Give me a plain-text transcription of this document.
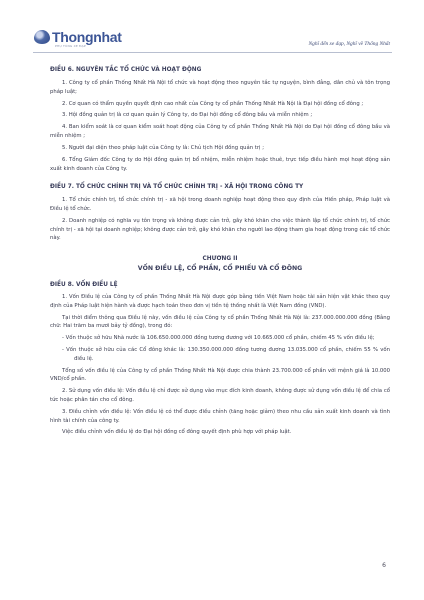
Thongnhat
PHỤ TÙNG XE ĐẠP	Nghĩ đến xe đạp, Nghĩ về Thống Nhất
ĐIỀU 6. NGUYÊN TẮC TỔ CHỨC VÀ HOẠT ĐỘNG

1. Công ty cổ phần Thống Nhất Hà Nội tổ chức và hoạt động theo nguyên tắc tự nguyện, bình đẳng, dân chủ và tôn trọng pháp luật;

2. Cơ quan có thẩm quyền quyết định cao nhất của Công ty cổ phần Thống Nhất Hà Nội là Đại hội đồng cổ đông ;

3. Hội đồng quản trị là cơ quan quản lý Công ty, do Đại hội đồng cổ đông bầu và miễn nhiệm ;

4. Ban kiểm soát là cơ quan kiểm soát hoạt động của Công ty cổ phần Thống Nhất Hà Nội do Đại hội đồng cổ đông bầu và miễn nhiệm ;

5. Người đại diện theo pháp luật của Công ty là: Chủ tịch Hội đồng quản trị ;

6. Tổng Giám đốc Công ty do Hội đồng quản trị bổ nhiệm, miễn nhiệm hoặc thuê, trực tiếp điều hành mọi hoạt động sản xuất kinh doanh của Công ty.

ĐIỀU 7. TỔ CHỨC CHÍNH TRỊ VÀ TỔ CHỨC CHÍNH TRỊ - XÃ HỘI TRONG CÔNG TY

1. Tổ chức chính trị, tổ chức chính trị - xã hội trong doanh nghiệp hoạt động theo quy định của Hiến pháp, Pháp luật và Điều lệ tổ chức.

2. Doanh nghiệp có nghĩa vụ tôn trọng và không được cản trở, gây khó khăn cho việc thành lập tổ chức chính trị, tổ chức chính trị - xã hội tại doanh nghiệp; không được cản trở, gây khó khăn cho người lao động tham gia hoạt động trong các tổ chức này.

CHƯƠNG II
VỐN ĐIỀU LỆ, CỔ PHẦN, CỔ PHIẾU VÀ CỔ ĐÔNG
ĐIỀU 8. VỐN ĐIỀU LỆ

1. Vốn Điều lệ của Công ty cổ phần Thống Nhất Hà Nội được góp bằng tiền Việt Nam hoặc tài sản hiện vật khác theo quy định của Pháp luật hiện hành và được hạch toán theo đơn vị tiền tệ thống nhất là Việt Nam đồng (VND).

Tại thời điểm thông qua Điều lệ này, vốn điều lệ của Công ty cổ phần Thống Nhất Hà Nội là: 237.000.000.000 đồng (Bằng chữ: Hai trăm ba mươi bảy tỷ đồng), trong đó:

- Vốn thuộc sở hữu Nhà nước là 106.650.000.000 đồng tương đương với 10.665.000 cổ phần, chiếm 45 % vốn điều lệ;

- Vốn thuộc sở hữu của các Cổ đông khác là: 130.350.000.000 đồng tương đương 13.035.000 cổ phần, chiếm 55 % vốn điều lệ.

Tổng số vốn điều lệ của Công ty cổ phần Thống Nhất Hà Nội được chia thành 23.700.000 cổ phần với mệnh giá là 10.000 VND/cổ phần.

2. Sử dụng vốn điều lệ: Vốn điều lệ chỉ được sử dụng vào mục đích kinh doanh, không được sử dụng vốn điều lệ để chia cổ tức hoặc phân tán cho cổ đông.

3. Điều chỉnh vốn điều lệ: Vốn điều lệ có thể được điều chỉnh (tăng hoặc giảm) theo nhu cầu sản xuất kinh doanh và tình hình tài chính của công ty.

Việc điều chỉnh vốn điều lệ do Đại hội đồng cổ đông quyết định phù hợp với pháp luật.

6
